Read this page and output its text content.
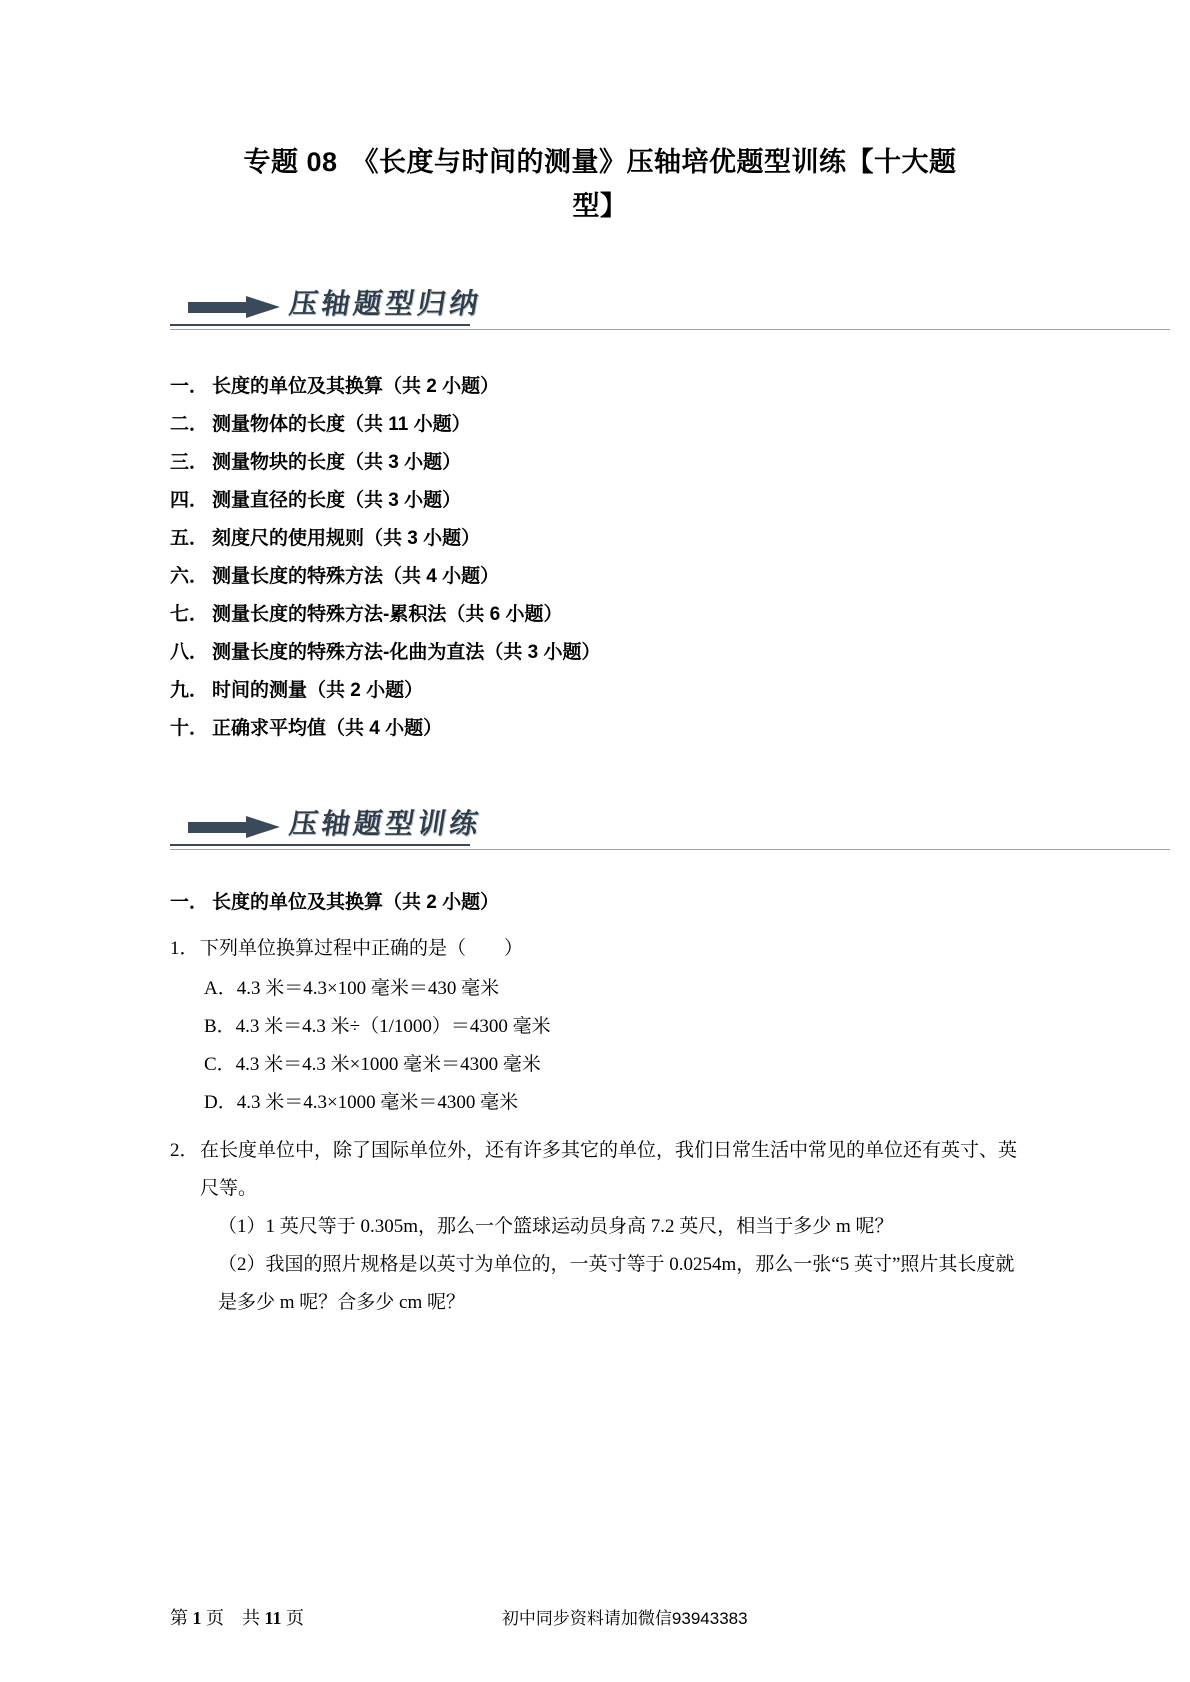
专题 08　《长度与时间的测量》压轴培优题型训练【十大题
型】
压轴题型归纳
一． 长度的单位及其换算（共 2 小题）
二． 测量物体的长度（共 11 小题）
三． 测量物块的长度（共 3 小题）
四． 测量直径的长度（共 3 小题）
五． 刻度尺的使用规则（共 3 小题）
六． 测量长度的特殊方法（共 4 小题）
七． 测量长度的特殊方法-累积法（共 6 小题）
八． 测量长度的特殊方法-化曲为直法（共 3 小题）
九． 时间的测量（共 2 小题）
十． 正确求平均值（共 4 小题）
压轴题型训练
一． 长度的单位及其换算（共 2 小题）
1． 下列单位换算过程中正确的是（　　）
A．4.3 米＝4.3×100 毫米＝430 毫米
B．4.3 米＝4.3 米÷（1/1000）＝4300 毫米
C．4.3 米＝4.3 米×1000 毫米＝4300 毫米
D．4.3 米＝4.3×1000 毫米＝4300 毫米
2． 在长度单位中，除了国际单位外，还有许多其它的单位，我们日常生活中常见的单位还有英寸、英尺等。
（1）1 英尺等于 0.305m，那么一个篮球运动员身高 7.2 英尺，相当于多少 m 呢？
（2）我国的照片规格是以英寸为单位的，一英寸等于 0.0254m，那么一张“5 英寸”照片其长度就是多少 m 呢？合多少 cm 呢？
第 1 页　共 11 页	初中同步资料请加微信93943383
